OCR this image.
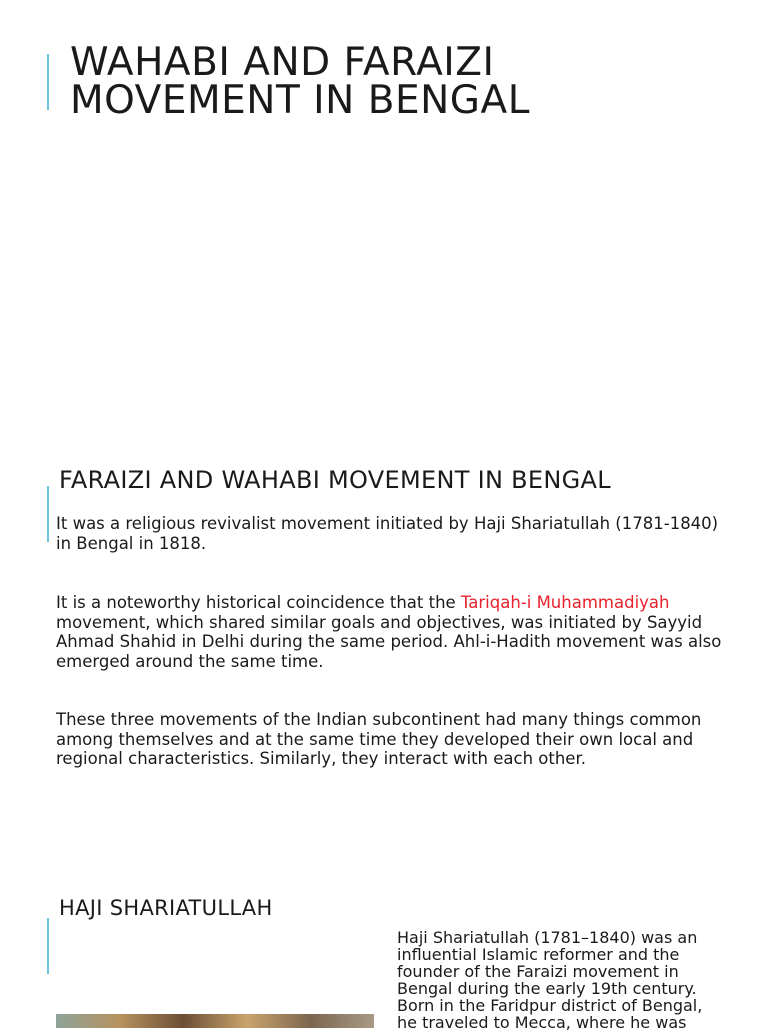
WAHABI AND FARAIZI
MOVEMENT IN BENGAL
FARAIZI AND WAHABI MOVEMENT IN BENGAL

It was a religious revivalist movement initiated by Haji Shariatullah (1781-1840) in Bengal in 1818.

It is a noteworthy historical coincidence that the Tariqah-i Muhammadiyah movement, which shared similar goals and objectives, was initiated by Sayyid Ahmad Shahid in Delhi during the same period. Ahl-i-Hadith movement was also emerged around the same time.

These three movements of the Indian subcontinent had many things common among themselves and at the same time they developed their own local and regional characteristics. Similarly, they interact with each other.

HAJI SHARIATULLAH

Haji Shariatullah (1781–1840) was an influential Islamic reformer and the founder of the Faraizi movement in Bengal during the early 19th century. Born in the Faridpur district of Bengal, he traveled to Mecca, where he was
